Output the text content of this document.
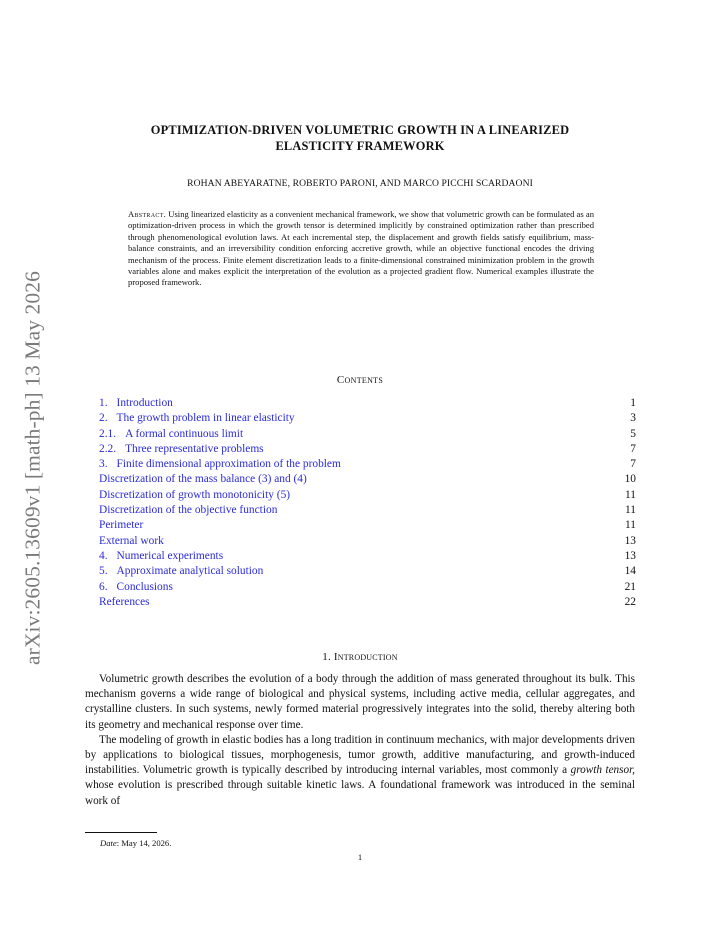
arXiv:2605.13609v1 [math-ph] 13 May 2026
OPTIMIZATION-DRIVEN VOLUMETRIC GROWTH IN A LINEARIZED
ELASTICITY FRAMEWORK
ROHAN ABEYARATNE, ROBERTO PARONI, AND MARCO PICCHI SCARDAONI
Abstract. Using linearized elasticity as a convenient mechanical framework, we show that volumetric growth can be formulated as an optimization-driven process in which the growth tensor is determined implicitly by constrained optimization rather than prescribed through phenomenological evolution laws. At each incremental step, the displacement and growth fields satisfy equilibrium, mass-balance constraints, and an irreversibility condition enforcing accretive growth, while an objective functional encodes the driving mechanism of the process. Finite element discretization leads to a finite-dimensional constrained minimization problem in the growth variables alone and makes explicit the interpretation of the evolution as a projected gradient flow. Numerical examples illustrate the proposed framework.
Contents
1. Introduction	1
2. The growth problem in linear elasticity	3
2.1. A formal continuous limit	5
2.2. Three representative problems	7
3. Finite dimensional approximation of the problem	7
Discretization of the mass balance (3) and (4)	10
Discretization of growth monotonicity (5)	11
Discretization of the objective function	11
Perimeter	11
External work	13
4. Numerical experiments	13
5. Approximate analytical solution	14
6. Conclusions	21
References	22
1. Introduction

Volumetric growth describes the evolution of a body through the addition of mass generated throughout its bulk. This mechanism governs a wide range of biological and physical systems, including active media, cellular aggregates, and crystalline clusters. In such systems, newly formed material progressively integrates into the solid, thereby altering both its geometry and mechanical response over time.

The modeling of growth in elastic bodies has a long tradition in continuum mechanics, with major developments driven by applications to biological tissues, morphogenesis, tumor growth, additive manufacturing, and growth-induced instabilities. Volumetric growth is typically described by introducing internal variables, most commonly a growth tensor, whose evolution is prescribed through suitable kinetic laws. A foundational framework was introduced in the seminal work of

Date: May 14, 2026.
1
